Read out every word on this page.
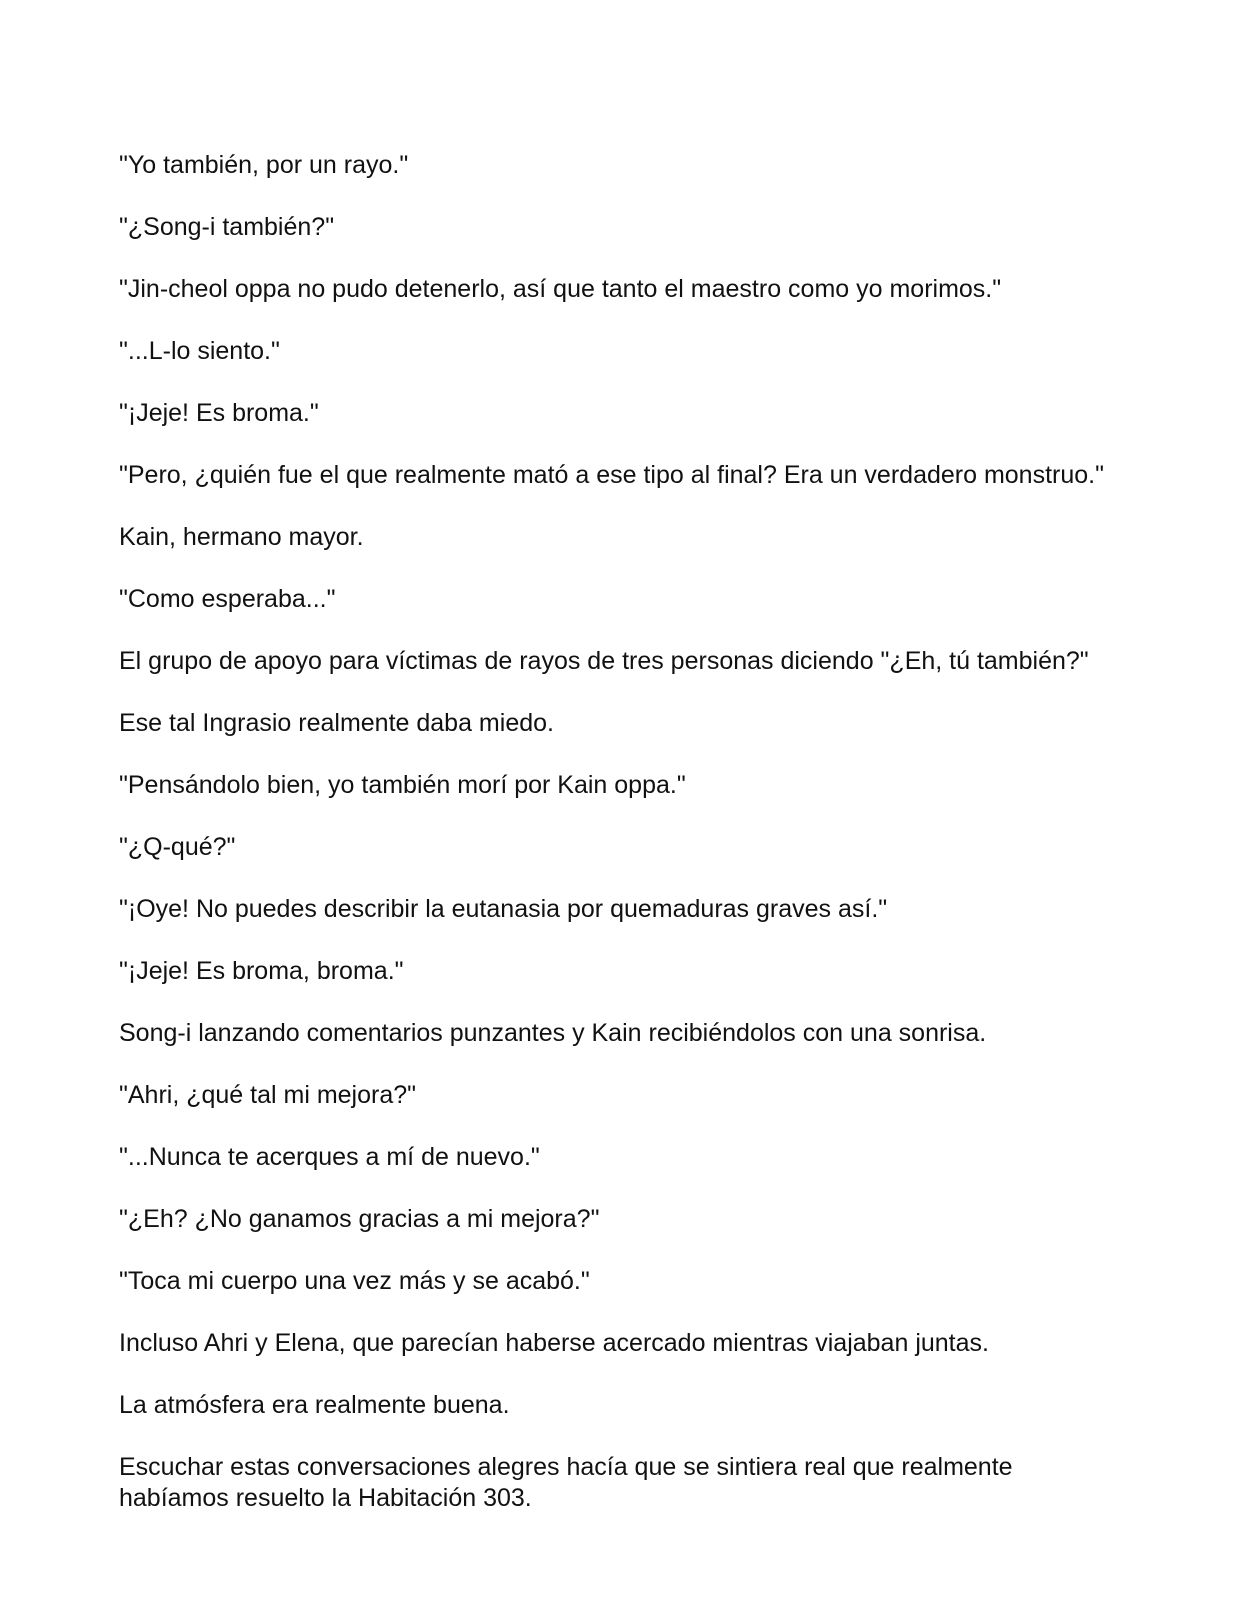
"Yo también, por un rayo."

"¿Song-i también?"

"Jin-cheol oppa no pudo detenerlo, así que tanto el maestro como yo morimos."

"...L-lo siento."

"¡Jeje! Es broma."

"Pero, ¿quién fue el que realmente mató a ese tipo al final? Era un verdadero monstruo."

Kain, hermano mayor.

"Como esperaba..."

El grupo de apoyo para víctimas de rayos de tres personas diciendo "¿Eh, tú también?"

Ese tal Ingrasio realmente daba miedo.

"Pensándolo bien, yo también morí por Kain oppa."

"¿Q-qué?"

"¡Oye! No puedes describir la eutanasia por quemaduras graves así."

"¡Jeje! Es broma, broma."

Song-i lanzando comentarios punzantes y Kain recibiéndolos con una sonrisa.

"Ahri, ¿qué tal mi mejora?"

"...Nunca te acerques a mí de nuevo."

"¿Eh? ¿No ganamos gracias a mi mejora?"

"Toca mi cuerpo una vez más y se acabó."

Incluso Ahri y Elena, que parecían haberse acercado mientras viajaban juntas.

La atmósfera era realmente buena.

Escuchar estas conversaciones alegres hacía que se sintiera real que realmente habíamos resuelto la Habitación 303.
